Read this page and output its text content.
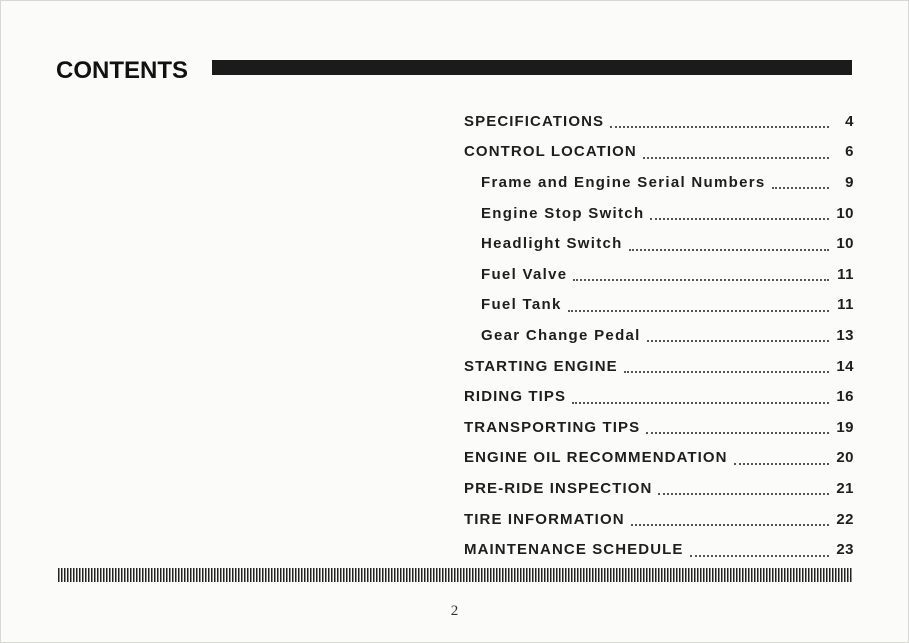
CONTENTS
SPECIFICATIONS	4
CONTROL LOCATION	6
Frame and Engine Serial Numbers	9
Engine Stop Switch	10
Headlight Switch	10
Fuel Valve	11
Fuel Tank	11
Gear Change Pedal	13
STARTING ENGINE	14
RIDING TIPS	16
TRANSPORTING TIPS	19
ENGINE OIL RECOMMENDATION	20
PRE-RIDE INSPECTION	21
TIRE INFORMATION	22
MAINTENANCE SCHEDULE	23
2
